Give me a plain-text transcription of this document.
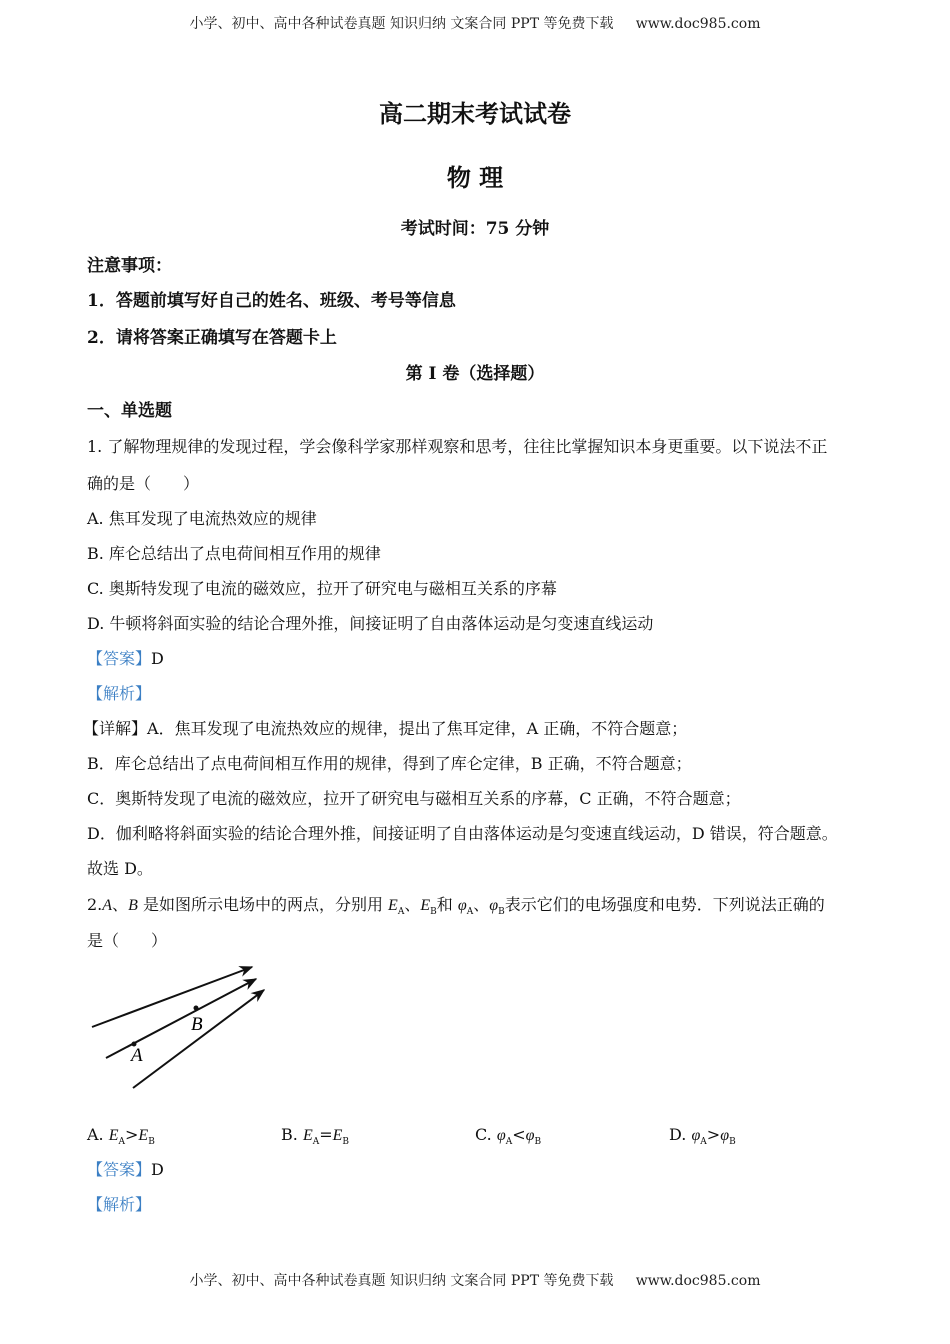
小学、初中、高中各种试卷真题 知识归纳 文案合同 PPT 等免费下载 www.doc985.com
高二期末考试试卷
物 理
考试时间：75 分钟
注意事项：
1．答题前填写好自己的姓名、班级、考号等信息
2．请将答案正确填写在答题卡上
第 I 卷（选择题）
一、单选题
1. 了解物理规律的发现过程，学会像科学家那样观察和思考，往往比掌握知识本身更重要。以下说法不正
确的是（　　）
A. 焦耳发现了电流热效应的规律
B. 库仑总结出了点电荷间相互作用的规律
C. 奥斯特发现了电流的磁效应，拉开了研究电与磁相互关系的序幕
D. 牛顿将斜面实验的结论合理外推，间接证明了自由落体运动是匀变速直线运动
【答案】D
【解析】
【详解】A．焦耳发现了电流热效应的规律，提出了焦耳定律，A 正确，不符合题意；
B．库仑总结出了点电荷间相互作用的规律，得到了库仑定律，B 正确，不符合题意；
C．奥斯特发现了电流的磁效应，拉开了研究电与磁相互关系的序幕，C 正确，不符合题意；
D．伽利略将斜面实验的结论合理外推，间接证明了自由落体运动是匀变速直线运动，D 错误，符合题意。
故选 D。
2.A、B 是如图所示电场中的两点，分别用 $E_A$、$E_B$和 $\varphi_A$、$\varphi_B$表示它们的电场强度和电势．下列说法正确的
是（　　）
B
A
A. $E_A>E_B$	B. $E_A=E_B$	C. $\varphi_A<\varphi_B$	D. $\varphi_A>\varphi_B$
【答案】D
【解析】
小学、初中、高中各种试卷真题 知识归纳 文案合同 PPT 等免费下载 www.doc985.com
